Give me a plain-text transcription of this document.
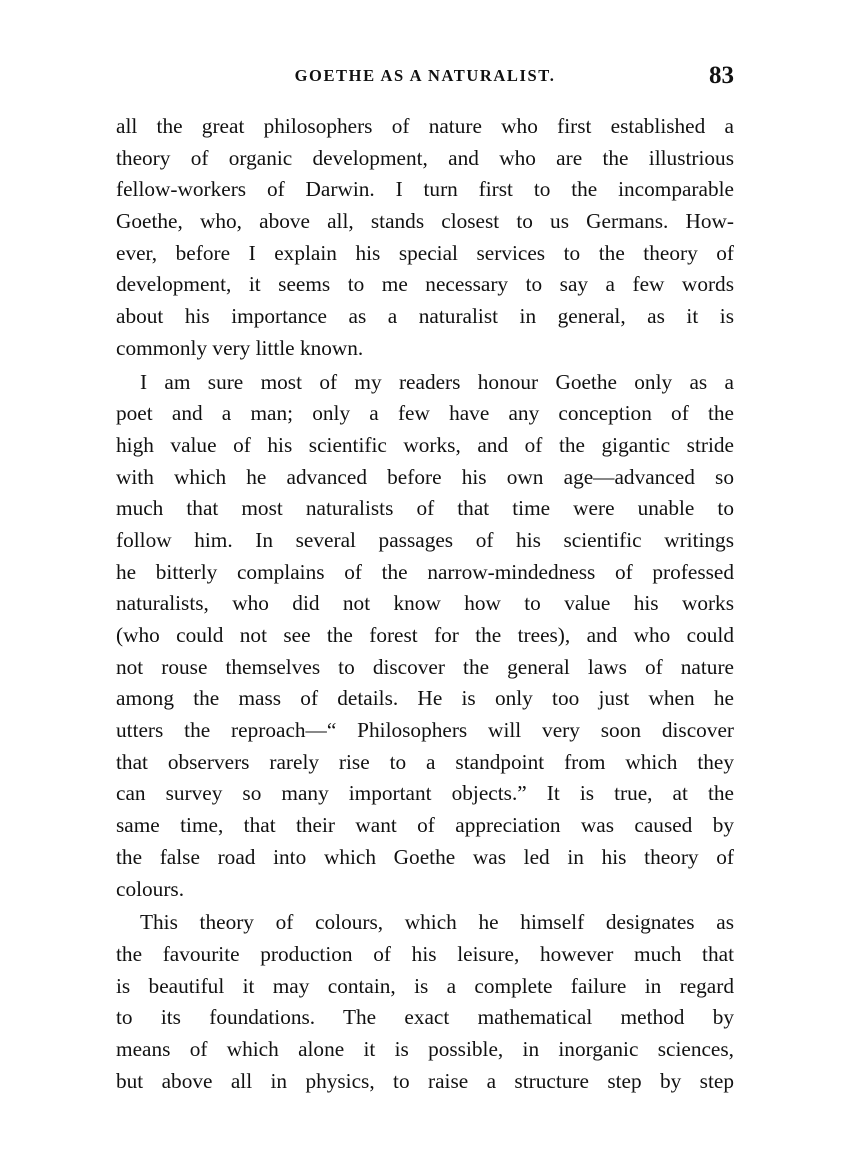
GOETHE AS A NATURALIST.	83
all the great philosophers of nature who first established a
theory of organic development, and who are the illustrious
fellow-workers of Darwin. I turn first to the incomparable
Goethe, who, above all, stands closest to us Germans. How-
ever, before I explain his special services to the theory of
development, it seems to me necessary to say a few words
about his importance as a naturalist in general, as it is
commonly very little known.
I am sure most of my readers honour Goethe only as a
poet and a man; only a few have any conception of the
high value of his scientific works, and of the gigantic stride
with which he advanced before his own age—advanced so
much that most naturalists of that time were unable to
follow him. In several passages of his scientific writings
he bitterly complains of the narrow-mindedness of professed
naturalists, who did not know how to value his works
(who could not see the forest for the trees), and who could
not rouse themselves to discover the general laws of nature
among the mass of details. He is only too just when he
utters the reproach—“ Philosophers will very soon discover
that observers rarely rise to a standpoint from which they
can survey so many important objects.” It is true, at the
same time, that their want of appreciation was caused by
the false road into which Goethe was led in his theory of
colours.
This theory of colours, which he himself designates as
the favourite production of his leisure, however much that
is beautiful it may contain, is a complete failure in regard
to its foundations. The exact mathematical method by
means of which alone it is possible, in inorganic sciences,
but above all in physics, to raise a structure step by step
